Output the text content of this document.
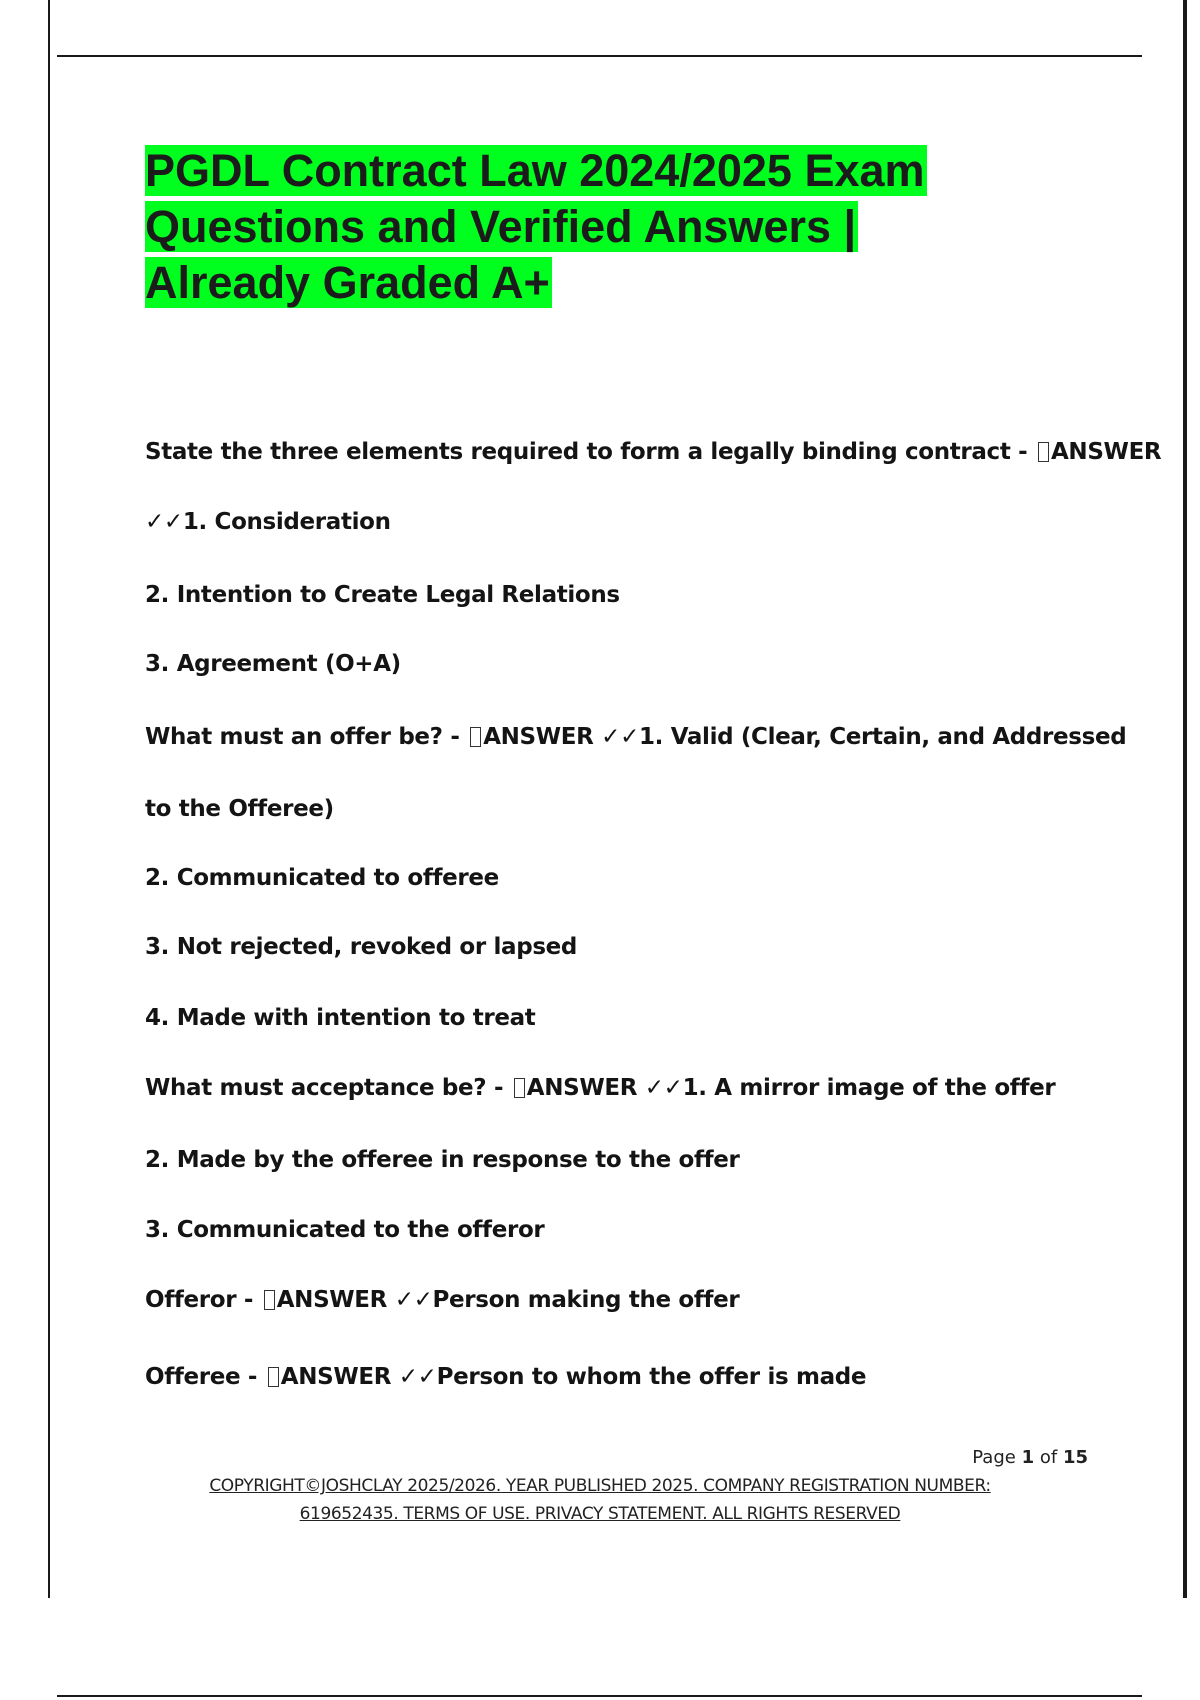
PGDL Contract Law 2024/2025 Exam Questions and Verified Answers | Already Graded A+

State the three elements required to form a legally binding contract - ANSWER

✓✓1. Consideration

2. Intention to Create Legal Relations

3. Agreement (O+A)

What must an offer be? - ANSWER ✓✓1. Valid (Clear, Certain, and Addressed

to the Offeree)

2. Communicated to offeree

3. Not rejected, revoked or lapsed

4. Made with intention to treat

What must acceptance be? - ANSWER ✓✓1. A mirror image of the offer

2. Made by the offeree in response to the offer

3. Communicated to the offeror

Offeror - ANSWER ✓✓Person making the offer

Offeree - ANSWER ✓✓Person to whom the offer is made

Page 1 of 15
COPYRIGHT©JOSHCLAY 2025/2026. YEAR PUBLISHED 2025. COMPANY REGISTRATION NUMBER:
619652435. TERMS OF USE. PRIVACY STATEMENT. ALL RIGHTS RESERVED
